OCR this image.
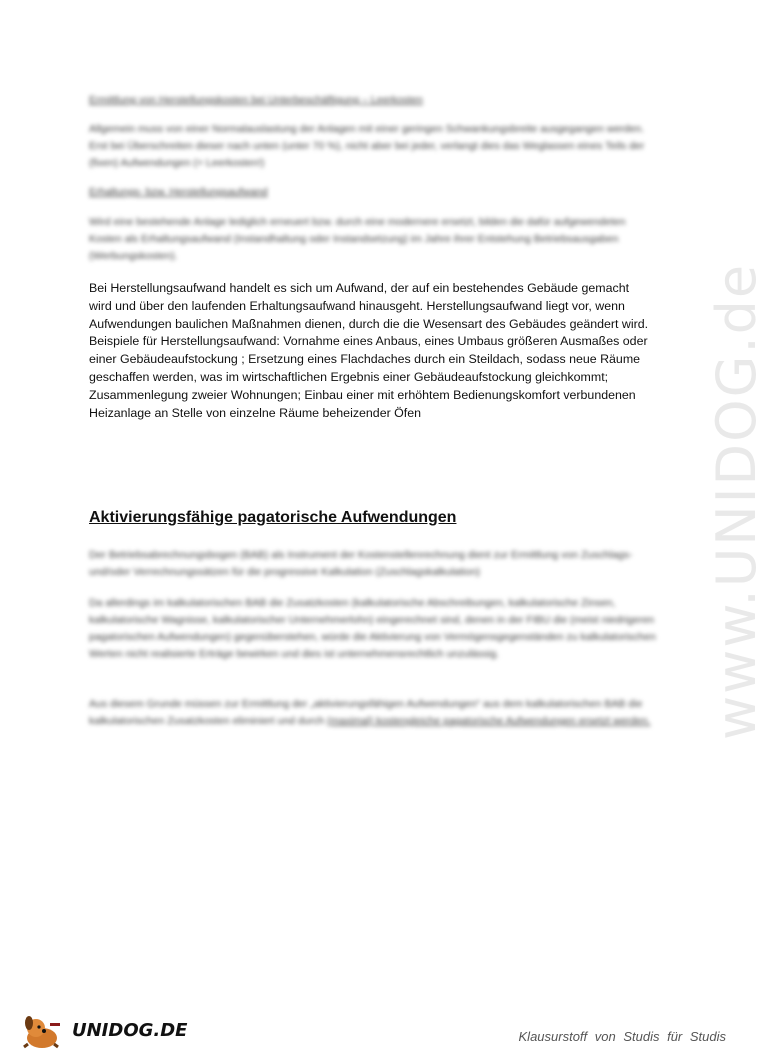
Ermittlung von Herstellungskosten bei Unterbeschäftigung – Leerkosten
Allgemein muss von einer Normalauslastung der Anlagen mit einer geringen Schwankungsbreite ausgegangen werden. Erst bei Überschreiten dieser nach unten (unter 70 %), nicht aber bei jeder, verlangt dies das Weglassen eines Teils der (fixen) Aufwendungen (= Leerkosten!)
Erhaltungs- bzw. Herstellungsaufwand
Wird eine bestehende Anlage lediglich erneuert bzw. durch eine modernere ersetzt, bilden die dafür aufgewendeten Kosten als Erhaltungsaufwand (Instandhaltung oder Instandsetzung) im Jahre ihrer Entstehung Betriebsausgaben (Werbungskosten).
Bei Herstellungsaufwand handelt es sich um Aufwand, der auf ein bestehendes Gebäude gemacht wird und über den laufenden Erhaltungsaufwand hinausgeht. Herstellungsaufwand liegt vor, wenn Aufwendungen baulichen Maßnahmen dienen, durch die die Wesensart des Gebäudes geändert wird. Beispiele für Herstellungsaufwand: Vornahme eines Anbaus, eines Umbaus größeren Ausmaßes oder einer Gebäudeaufstockung ; Ersetzung eines Flachdaches durch ein Steildach, sodass neue Räume geschaffen werden, was im wirtschaftlichen Ergebnis einer Gebäudeaufstockung gleichkommt; Zusammenlegung zweier Wohnungen; Einbau einer mit erhöhtem Bedienungskomfort verbundenen Heizanlage an Stelle von einzelne Räume beheizender Öfen
Aktivierungsfähige pagatorische Aufwendungen
Der Betriebsabrechnungsbogen (BAB) als Instrument der Kostenstellenrechnung dient zur Ermittlung von Zuschlags- und/oder Verrechnungssätzen für die progressive Kalkulation (Zuschlagskalkulation)
Da allerdings im kalkulatorischen BAB die Zusatzkosten (kalkulatorische Abschreibungen, kalkulatorische Zinsen, kalkulatorische Wagnisse, kalkulatorischer Unternehmerlohn) eingerechnet sind, denen in der FIBU die (meist niedrigeren pagatorischen Aufwendungen) gegenüberstehen, würde die Aktivierung von Vermögensgegenständen zu kalkulatorischen Werten nicht realisierte Erträge bewirken und dies ist unternehmensrechtlich unzulässig.
Aus diesem Grunde müssen zur Ermittlung der „aktivierungsfähigen Aufwendungen“ aus dem kalkulatorischen BAB die kalkulatorischen Zusatzkosten eliminiert und durch (maximal) kostengleiche pagatorische Aufwendungen ersetzt werden. www.UNIDOG.de
UNIDOG.DE	Klausurstoff von Studis für Studis
